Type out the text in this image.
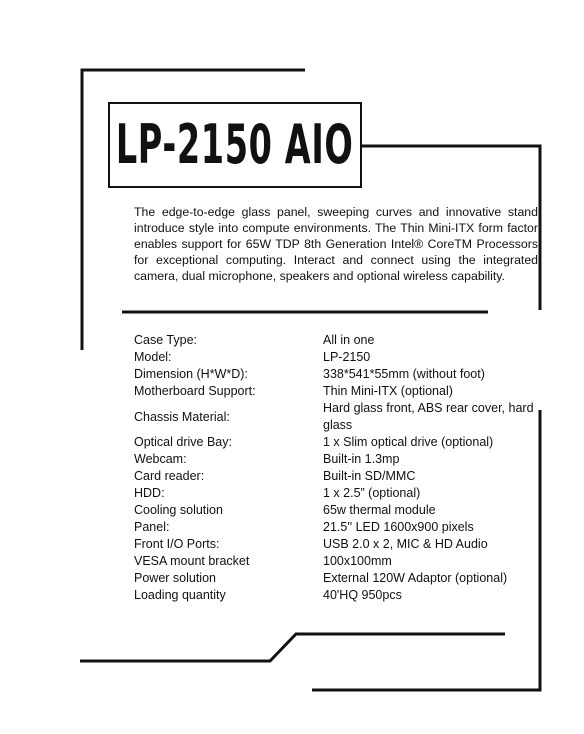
LP-2150 AIO

The edge-to-edge glass panel, sweeping curves and innovative stand introduce style into compute environments. The Thin Mini-ITX form factor enables support for 65W TDP 8th Generation Intel® CoreTM Processors for exceptional computing. Interact and connect using the integrated camera, dual microphone, speakers and optional wireless capability.

Case Type:	All in one
Model:	LP-2150
Dimension (H*W*D):	338*541*55mm (without foot)
Motherboard Support:	Thin Mini-ITX (optional)
Chassis Material:	Hard glass front, ABS rear cover, hard glass
Optical drive Bay:	1 x Slim optical drive (optional)
Webcam:	Built-in 1.3mp
Card reader:	Built-in SD/MMC
HDD:	1 x 2.5” (optional)
Cooling solution	65w thermal module
Panel:	21.5'' LED 1600x900 pixels
Front I/O Ports:	USB 2.0 x 2, MIC & HD Audio
VESA mount bracket	100x100mm
Power solution	External 120W Adaptor (optional)
Loading quantity	40'HQ 950pcs
